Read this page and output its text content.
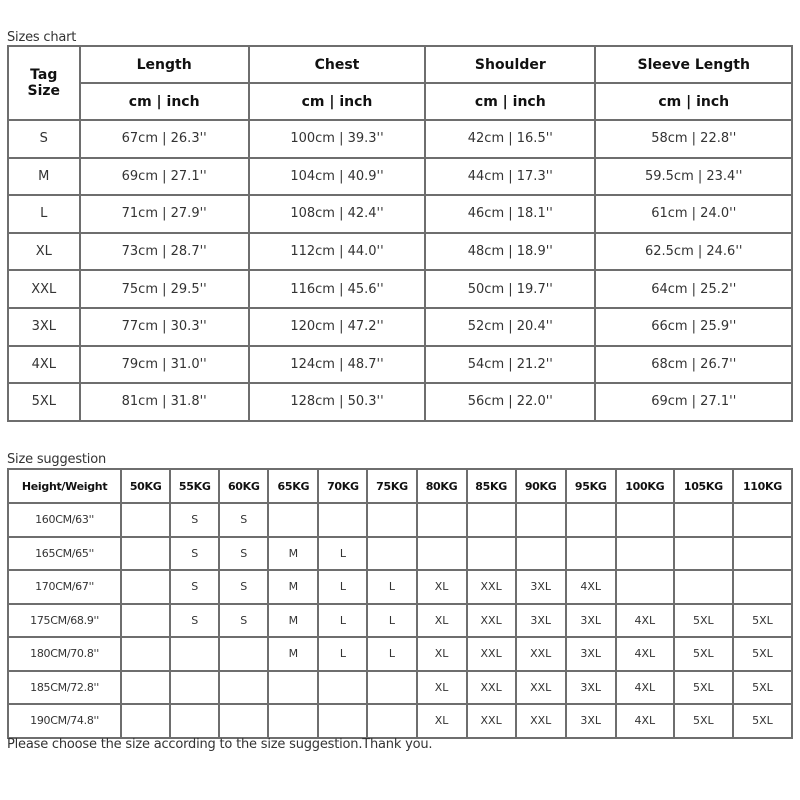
Sizes chart
Tag
Size	Length	Chest	Shoulder	Sleeve Length
	cm | inch	cm | inch	cm | inch	cm | inch
S	67cm | 26.3''	100cm | 39.3''	42cm | 16.5''	58cm | 22.8''
M	69cm | 27.1''	104cm | 40.9''	44cm | 17.3''	59.5cm | 23.4''
L	71cm | 27.9''	108cm | 42.4''	46cm | 18.1''	61cm | 24.0''
XL	73cm | 28.7''	112cm | 44.0''	48cm | 18.9''	62.5cm | 24.6''
XXL	75cm | 29.5''	116cm | 45.6''	50cm | 19.7''	64cm | 25.2''
3XL	77cm | 30.3''	120cm | 47.2''	52cm | 20.4''	66cm | 25.9''
4XL	79cm | 31.0''	124cm | 48.7''	54cm | 21.2''	68cm | 26.7''
5XL	81cm | 31.8''	128cm | 50.3''	56cm | 22.0''	69cm | 27.1''
Size suggestion
Height/Weight	50KG	55KG	60KG	65KG	70KG	75KG	80KG	85KG	90KG	95KG	100KG	105KG	110KG
160CM/63''		S	S										
165CM/65''		S	S	M	L								
170CM/67''		S	S	M	L	L	XL	XXL	3XL	4XL			
175CM/68.9''		S	S	M	L	L	XL	XXL	3XL	3XL	4XL	5XL	5XL
180CM/70.8''				M	L	L	XL	XXL	XXL	3XL	4XL	5XL	5XL
185CM/72.8''							XL	XXL	XXL	3XL	4XL	5XL	5XL
190CM/74.8''							XL	XXL	XXL	3XL	4XL	5XL	5XL
Please choose the size according to the size suggestion.Thank you.
